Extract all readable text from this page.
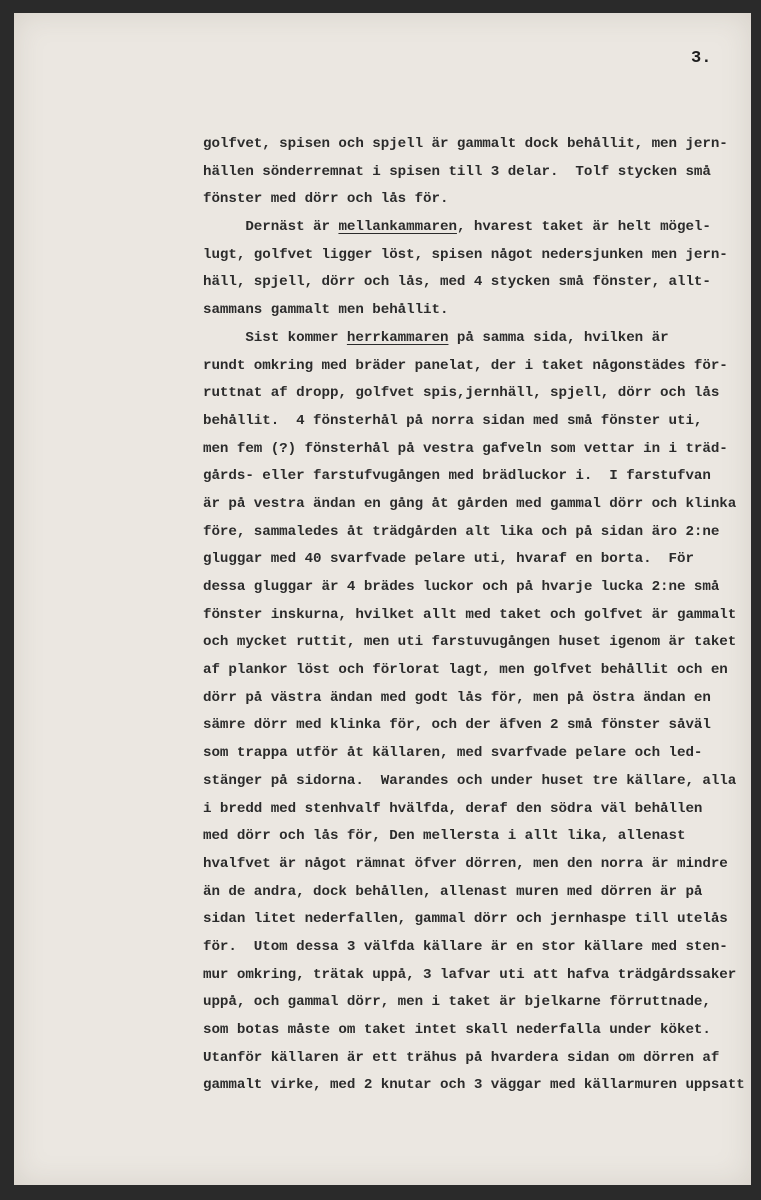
3.
golfvet, spisen och spjell är gammalt dock behållit, men jern-
hällen sönderremnat i spisen till 3 delar.  Tolf stycken små
fönster med dörr och lås för.
Dernäst är mellankammaren, hvarest taket är helt mögel-
lugt, golfvet ligger löst, spisen något nedersjunken men jern-
häll, spjell, dörr och lås, med 4 stycken små fönster, allt-
sammans gammalt men behållit.
Sist kommer herrkammaren på samma sida, hvilken är
rundt omkring med bräder panelat, der i taket någonstädes för-
ruttnat af dropp, golfvet spis,jernhäll, spjell, dörr och lås
behållit.  4 fönsterhål på norra sidan med små fönster uti,
men fem (?) fönsterhål på vestra gafveln som vettar in i träd-
gårds- eller farstufvugången med brädluckor i.  I farstufvan
är på vestra ändan en gång åt gården med gammal dörr och klinka
före, sammaledes åt trädgården alt lika och på sidan äro 2:ne
gluggar med 40 svarfvade pelare uti, hvaraf en borta.  För
dessa gluggar är 4 brädes luckor och på hvarje lucka 2:ne små
fönster inskurna, hvilket allt med taket och golfvet är gammalt
och mycket ruttit, men uti farstuvugången huset igenom är taket
af plankor löst och förlorat lagt, men golfvet behållit och en
dörr på västra ändan med godt lås för, men på östra ändan en
sämre dörr med klinka för, och der äfven 2 små fönster såväl
som trappa utför åt källaren, med svarfvade pelare och led-
stänger på sidorna.  Warandes och under huset tre källare, alla
i bredd med stenhvalf hvälfda, deraf den södra väl behållen
med dörr och lås för, Den mellersta i allt lika, allenast
hvalfvet är något rämnat öfver dörren, men den norra är mindre
än de andra, dock behållen, allenast muren med dörren är på
sidan litet nederfallen, gammal dörr och jernhaspe till utelås
för.  Utom dessa 3 välfda källare är en stor källare med sten-
mur omkring, trätak uppå, 3 lafvar uti att hafva trädgårdssaker
uppå, och gammal dörr, men i taket är bjelkarne förruttnade,
som botas måste om taket intet skall nederfalla under köket.
Utanför källaren är ett trähus på hvardera sidan om dörren af
gammalt virke, med 2 knutar och 3 väggar med källarmuren uppsatt
